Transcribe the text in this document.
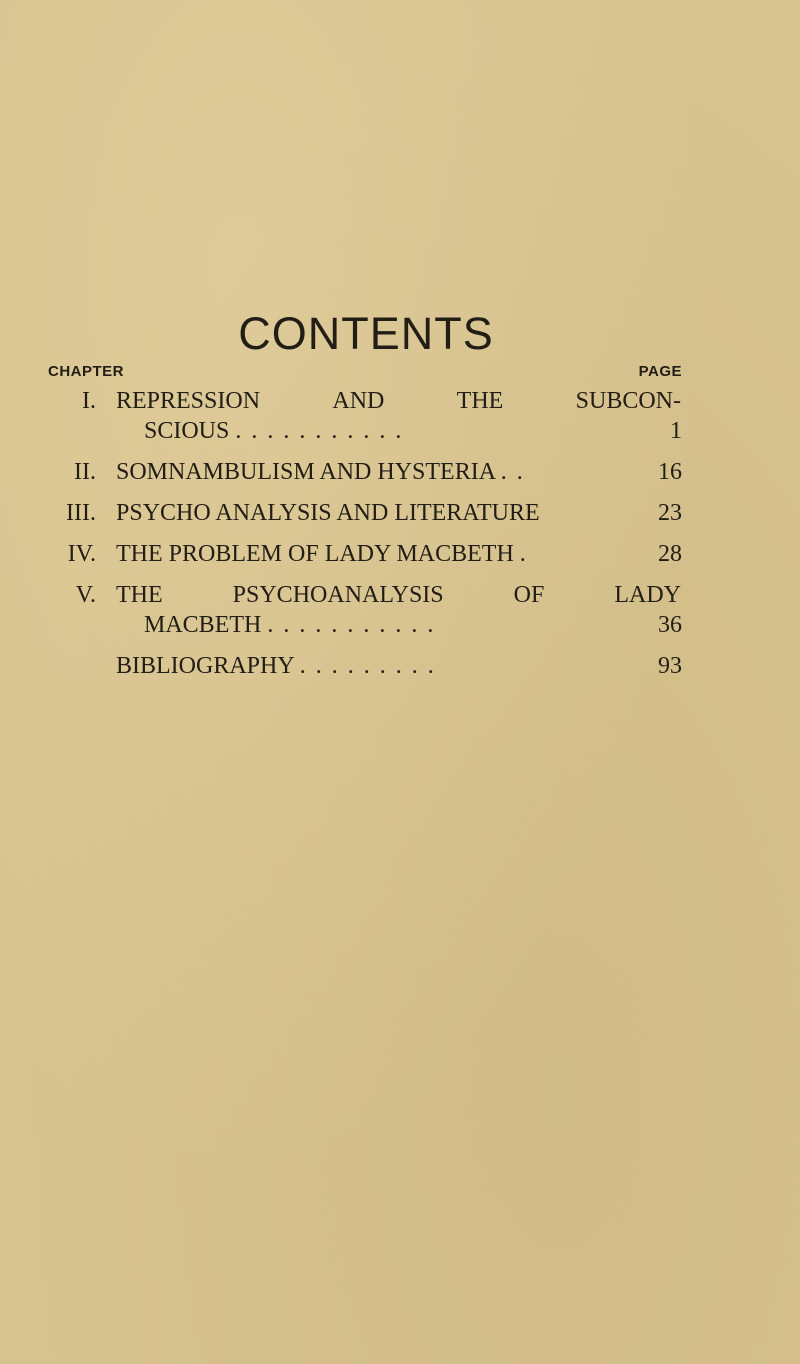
CONTENTS
CHAPTER	PAGE
I. REPRESSION	AND	THE	SUBCON-
SCIOUS . . . . . . . . . . .	1
II. SOMNAMBULISM AND HYSTERIA . .	16
III. PSYCHO ANALYSIS AND LITERATURE	23
IV. THE PROBLEM OF LADY MACBETH .	28
V. THE	PSYCHOANALYSIS	OF	LADY
MACBETH . . . . . . . . . . .	36
BIBLIOGRAPHY . . . . . . . . .	93
